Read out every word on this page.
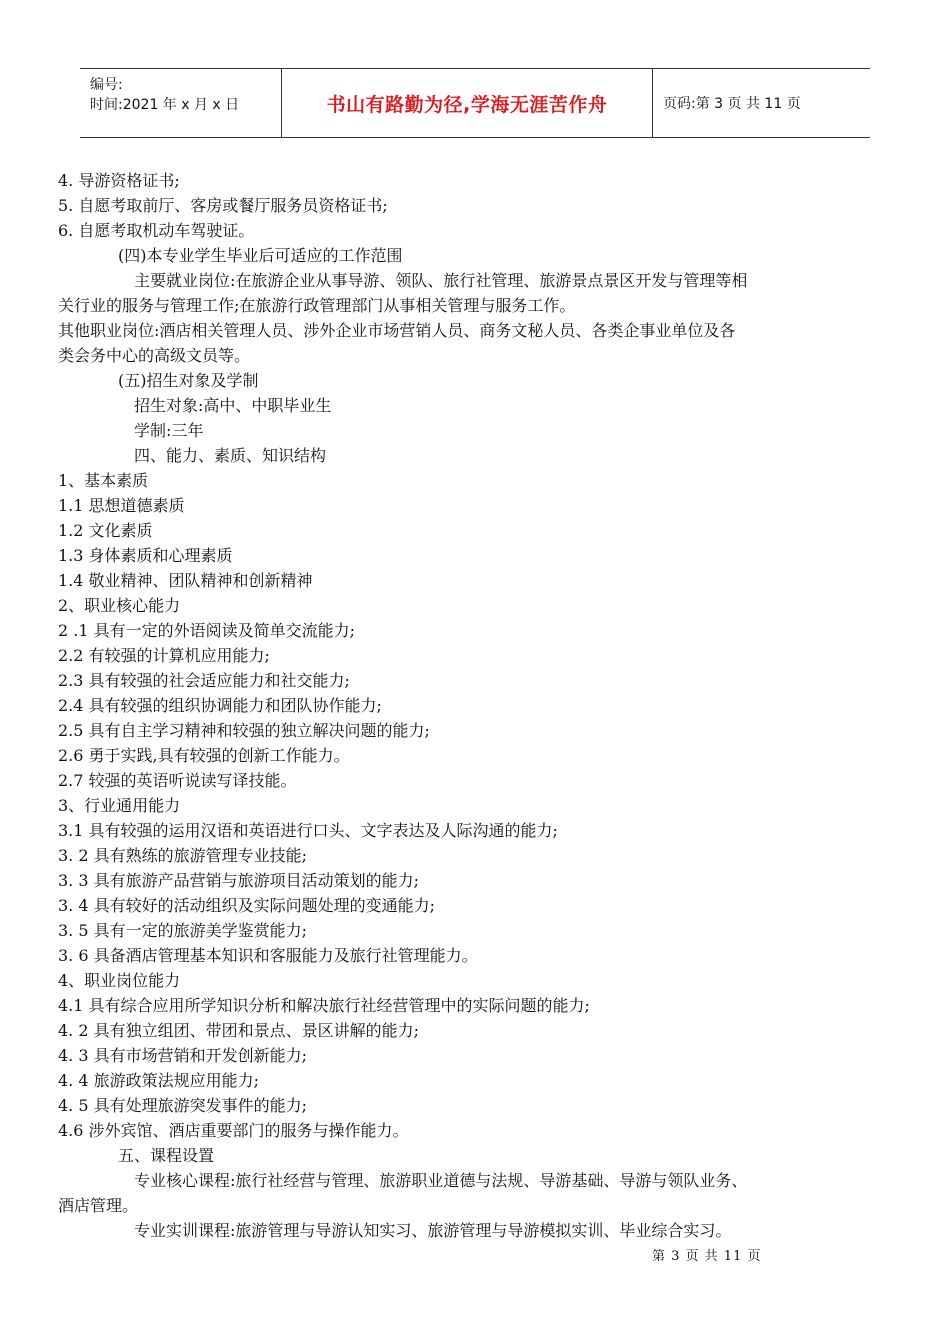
编号:
时间:2021 年 x 月 x 日	书山有路勤为径,学海无涯苦作舟	页码:第 3 页 共 11 页
4. 导游资格证书;
5. 自愿考取前厅、客房或餐厅服务员资格证书;
6. 自愿考取机动车驾驶证。
(四)本专业学生毕业后可适应的工作范围
主要就业岗位:在旅游企业从事导游、领队、旅行社管理、旅游景点景区开发与管理等相
关行业的服务与管理工作;在旅游行政管理部门从事相关管理与服务工作。
其他职业岗位:酒店相关管理人员、涉外企业市场营销人员、商务文秘人员、各类企事业单位及各
类会务中心的高级文员等。
(五)招生对象及学制
招生对象:高中、中职毕业生
学制:三年
四、能力、素质、知识结构
1、基本素质
1.1 思想道德素质
1.2 文化素质
1.3 身体素质和心理素质
1.4 敬业精神、团队精神和创新精神
2、职业核心能力
2 .1 具有一定的外语阅读及简单交流能力;
2.2 有较强的计算机应用能力;
2.3 具有较强的社会适应能力和社交能力;
2.4 具有较强的组织协调能力和团队协作能力;
2.5 具有自主学习精神和较强的独立解决问题的能力;
2.6 勇于实践,具有较强的创新工作能力。
2.7 较强的英语听说读写译技能。
3、行业通用能力
3.1 具有较强的运用汉语和英语进行口头、文字表达及人际沟通的能力;
3. 2 具有熟练的旅游管理专业技能;
3. 3 具有旅游产品营销与旅游项目活动策划的能力;
3. 4 具有较好的活动组织及实际问题处理的变通能力;
3. 5 具有一定的旅游美学鉴赏能力;
3. 6 具备酒店管理基本知识和客服能力及旅行社管理能力。
4、职业岗位能力
4.1 具有综合应用所学知识分析和解决旅行社经营管理中的实际问题的能力;
4. 2 具有独立组团、带团和景点、景区讲解的能力;
4. 3 具有市场营销和开发创新能力;
4. 4 旅游政策法规应用能力;
4. 5 具有处理旅游突发事件的能力;
4.6 涉外宾馆、酒店重要部门的服务与操作能力。
五、课程设置
专业核心课程:旅行社经营与管理、旅游职业道德与法规、导游基础、导游与领队业务、
酒店管理。
专业实训课程:旅游管理与导游认知实习、旅游管理与导游模拟实训、毕业综合实习。
第 3 页 共 11 页
